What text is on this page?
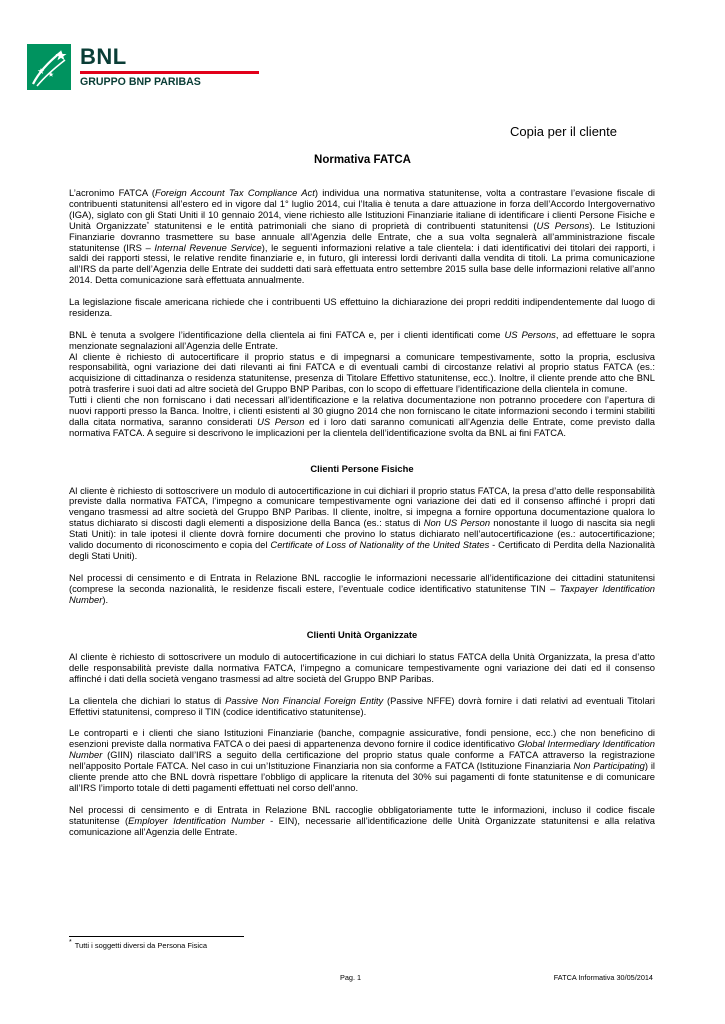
BNL
GRUPPO BNP PARIBAS
Copia per il cliente
Normativa FATCA

L’acronimo FATCA (Foreign Account Tax Compliance Act) individua una normativa statunitense, volta a contrastare l’evasione fiscale di contribuenti statunitensi all’estero ed in vigore dal 1° luglio 2014, cui l’Italia è tenuta a dare attuazione in forza dell’Accordo Intergovernativo (IGA), siglato con gli Stati Uniti il 10 gennaio 2014, viene richiesto alle Istituzioni Finanziarie italiane di identificare i clienti Persone Fisiche e Unità Organizzate* statunitensi e le entità patrimoniali che siano di proprietà di contribuenti statunitensi (US Persons). Le Istituzioni Finanziarie dovranno trasmettere su base annuale all’Agenzia delle Entrate, che a sua volta segnalerà all’amministrazione fiscale statunitense (IRS – Internal Revenue Service), le seguenti informazioni relative a tale clientela: i dati identificativi dei titolari dei rapporti, i saldi dei rapporti stessi, le relative rendite finanziarie e, in futuro, gli interessi lordi derivanti dalla vendita di titoli. La prima comunicazione all’IRS da parte dell’Agenzia delle Entrate dei suddetti dati sarà effettuata entro settembre 2015 sulla base delle informazioni relative all’anno 2014. Detta comunicazione sarà effettuata annualmente.

La legislazione fiscale americana richiede che i contribuenti US effettuino la dichiarazione dei propri redditi indipendentemente dal luogo di residenza.

BNL è tenuta a svolgere l’identificazione della clientela ai fini FATCA e, per i clienti identificati come US Persons, ad effettuare le sopra menzionate segnalazioni all’Agenzia delle Entrate.

Al cliente è richiesto di autocertificare il proprio status e di impegnarsi a comunicare tempestivamente, sotto la propria, esclusiva responsabilità, ogni variazione dei dati rilevanti ai fini FATCA e di eventuali cambi di circostanze relativi al proprio status FATCA (es.: acquisizione di cittadinanza o residenza statunitense, presenza di Titolare Effettivo statunitense, ecc.). Inoltre, il cliente prende atto che BNL potrà trasferire i suoi dati ad altre società del Gruppo BNP Paribas, con lo scopo di effettuare l’identificazione della clientela in comune.

Tutti i clienti che non forniscano i dati necessari all’identificazione e la relativa documentazione non potranno procedere con l’apertura di nuovi rapporti presso la Banca. Inoltre, i clienti esistenti al 30 giugno 2014 che non forniscano le citate informazioni secondo i termini stabiliti dalla citata normativa, saranno considerati US Person ed i loro dati saranno comunicati all’Agenzia delle Entrate, come previsto dalla normativa FATCA. A seguire si descrivono le implicazioni per la clientela dell’identificazione svolta da BNL ai fini FATCA.

Clienti Persone Fisiche

Al cliente è richiesto di sottoscrivere un modulo di autocertificazione in cui dichiari il proprio status FATCA, la presa d’atto delle responsabilità previste dalla normativa FATCA, l’impegno a comunicare tempestivamente ogni variazione dei dati ed il consenso affinché i propri dati vengano trasmessi ad altre società del Gruppo BNP Paribas. Il cliente, inoltre, si impegna a fornire opportuna documentazione qualora lo status dichiarato si discosti dagli elementi a disposizione della Banca (es.: status di Non US Person nonostante il luogo di nascita sia negli Stati Uniti): in tale ipotesi il cliente dovrà fornire documenti che provino lo status dichiarato nell’autocertificazione (es.: autocertificazione; valido documento di riconoscimento e copia del Certificate of Loss of Nationality of the United States - Certificato di Perdita della Nazionalità degli Stati Uniti).

Nel processi di censimento e di Entrata in Relazione BNL raccoglie le informazioni necessarie all’identificazione dei cittadini statunitensi (comprese la seconda nazionalità, le residenze fiscali estere, l’eventuale codice identificativo statunitense TIN – Taxpayer Identification Number).

Clienti Unità Organizzate

Al cliente è richiesto di sottoscrivere un modulo di autocertificazione in cui dichiari lo status FATCA della Unità Organizzata, la presa d’atto delle responsabilità previste dalla normativa FATCA, l’impegno a comunicare tempestivamente ogni variazione dei dati ed il consenso affinché i dati della società vengano trasmessi ad altre società del Gruppo BNP Paribas.

La clientela che dichiari lo status di Passive Non Financial Foreign Entity (Passive NFFE) dovrà fornire i dati relativi ad eventuali Titolari Effettivi statunitensi, compreso il TIN (codice identificativo statunitense).

Le controparti e i clienti che siano Istituzioni Finanziarie (banche, compagnie assicurative, fondi pensione, ecc.) che non beneficino di esenzioni previste dalla normativa FATCA o dei paesi di appartenenza devono fornire il codice identificativo Global Intermediary Identification Number (GIIN) rilasciato dall’IRS a seguito della certificazione del proprio status quale conforme a FATCA attraverso la registrazione nell’apposito Portale FATCA. Nel caso in cui un’Istituzione Finanziaria non sia conforme a FATCA (Istituzione Finanziaria Non Participating) il cliente prende atto che BNL dovrà rispettare l’obbligo di applicare la ritenuta del 30% sui pagamenti di fonte statunitense e di comunicare all’IRS l’importo totale di detti pagamenti effettuati nel corso dell’anno.

Nel processi di censimento e di Entrata in Relazione BNL raccoglie obbligatoriamente tutte le informazioni, incluso il codice fiscale statunitense (Employer Identification Number - EIN), necessarie all’identificazione delle Unità Organizzate statunitensi e alla relativa comunicazione all’Agenzia delle Entrate.

* Tutti i soggetti diversi da Persona Fisica
Pag. 1	FATCA Informativa 30/05/2014
